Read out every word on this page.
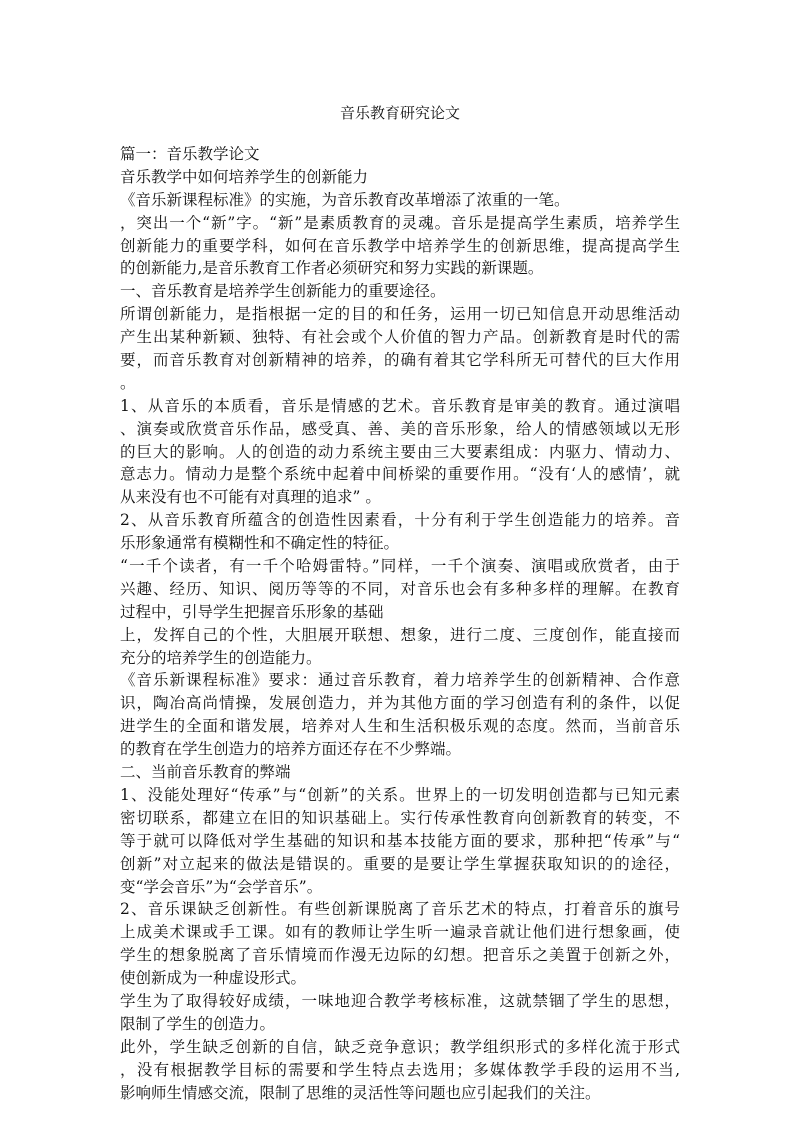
音乐教育研究论文
篇一：音乐教学论文
音乐教学中如何培养学生的创新能力
《音乐新课程标准》的实施，为音乐教育改革增添了浓重的一笔。
，突出一个“新”字。“新”是素质教育的灵魂。音乐是提高学生素质，培养学生
创新能力的重要学科，如何在音乐教学中培养学生的创新思维，提高提高学生
的创新能力,是音乐教育工作者必须研究和努力实践的新课题。
一、音乐教育是培养学生创新能力的重要途径。
所谓创新能力，是指根据一定的目的和任务，运用一切已知信息开动思维活动
产生出某种新颖、独特、有社会或个人价值的智力产品。创新教育是时代的需
要，而音乐教育对创新精神的培养，的确有着其它学科所无可替代的巨大作用
。
1、从音乐的本质看，音乐是情感的艺术。音乐教育是审美的教育。通过演唱
、演奏或欣赏音乐作品，感受真、善、美的音乐形象，给人的情感领域以无形
的巨大的影响。人的创造的动力系统主要由三大要素组成：内驱力、情动力、
意志力。情动力是整个系统中起着中间桥梁的重要作用。“没有‘人的感情’，就
从来没有也不可能有对真理的追求” 。
2、从音乐教育所蕴含的创造性因素看，十分有利于学生创造能力的培养。音
乐形象通常有模糊性和不确定性的特征。
“一千个读者，有一千个哈姆雷特。”同样，一千个演奏、演唱或欣赏者，由于
兴趣、经历、知识、阅历等等的不同，对音乐也会有多种多样的理解。在教育
过程中，引导学生把握音乐形象的基础
上，发挥自己的个性，大胆展开联想、想象，进行二度、三度创作，能直接而
充分的培养学生的创造能力。
《音乐新课程标准》要求：通过音乐教育，着力培养学生的创新精神、合作意
识，陶冶高尚情操，发展创造力，并为其他方面的学习创造有利的条件，以促
进学生的全面和谐发展，培养对人生和生活积极乐观的态度。然而，当前音乐
的教育在学生创造力的培养方面还存在不少弊端。
二、当前音乐教育的弊端
1、没能处理好“传承”与“创新”的关系。世界上的一切发明创造都与已知元素
密切联系，都建立在旧的知识基础上。实行传承性教育向创新教育的转变，不
等于就可以降低对学生基础的知识和基本技能方面的要求，那种把“传承”与“
创新”对立起来的做法是错误的。重要的是要让学生掌握获取知识的的途径，
变“学会音乐”为“会学音乐”。
2、音乐课缺乏创新性。有些创新课脱离了音乐艺术的特点，打着音乐的旗号
上成美术课或手工课。如有的教师让学生听一遍录音就让他们进行想象画，使
学生的想象脱离了音乐情境而作漫无边际的幻想。把音乐之美置于创新之外，
使创新成为一种虚设形式。
学生为了取得较好成绩，一味地迎合教学考核标准，这就禁锢了学生的思想，
限制了学生的创造力。
此外，学生缺乏创新的自信，缺乏竞争意识；教学组织形式的多样化流于形式
，没有根据教学目标的需要和学生特点去选用；多媒体教学手段的运用不当,
影响师生情感交流，限制了思维的灵活性等问题也应引起我们的关注。
